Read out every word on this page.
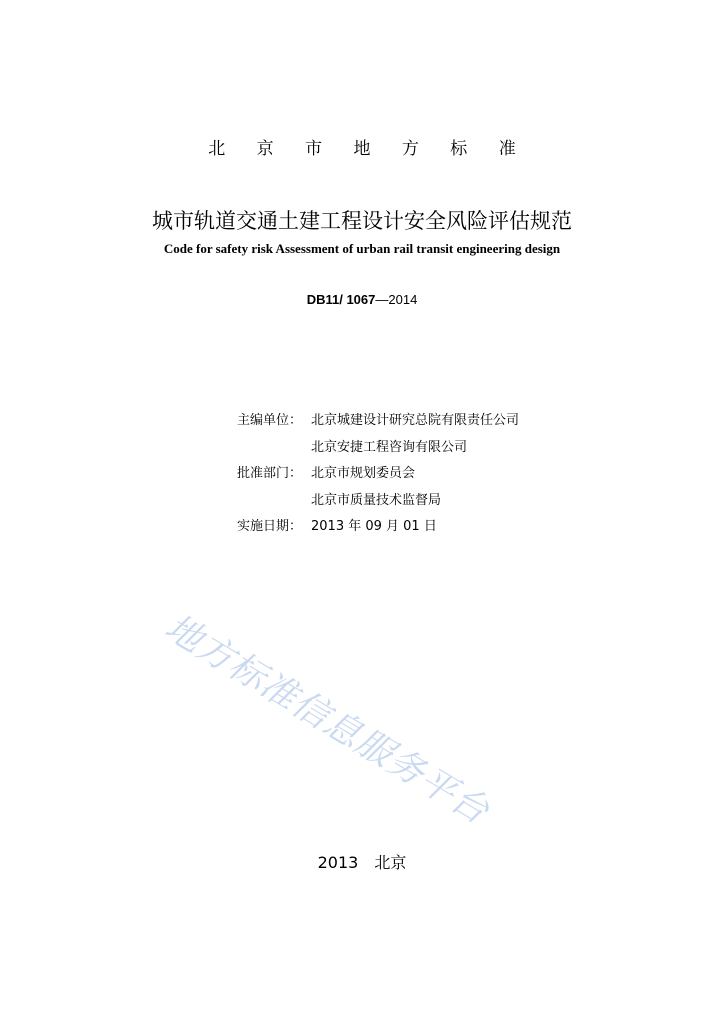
北 京 市 地 方 标 准
城市轨道交通土建工程设计安全风险评估规范
Code for safety risk Assessment of urban rail transit engineering design
DB11/ 1067—2014
主编单位： 北京城建设计研究总院有限责任公司
北京安捷工程咨询有限公司
批准部门： 北京市规划委员会
北京市质量技术监督局
实施日期： 2013 年 09 月 01 日
地方标准信息服务平台
2013 北京
